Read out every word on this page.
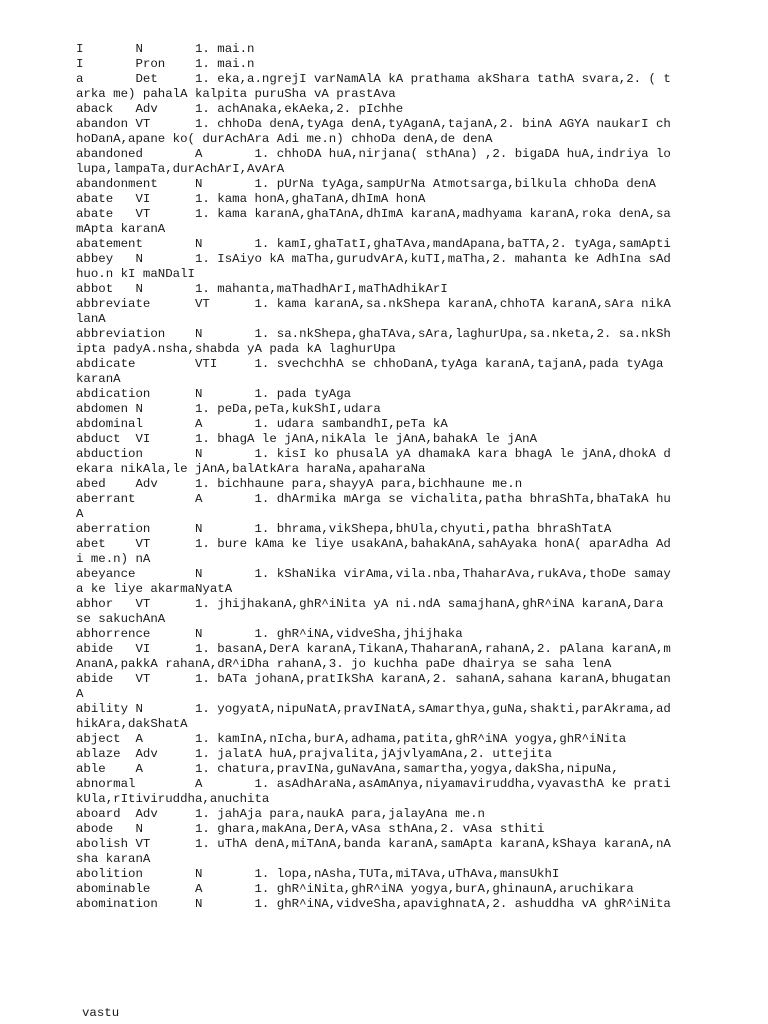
I       N       1. mai.n
I       Pron    1. mai.n
a       Det     1. eka,a.ngrejI varNamAlA kA prathama akShara tathA svara,2. ( t
arka me) pahalA kalpita puruSha vA prastAva
aback   Adv     1. achAnaka,ekAeka,2. pIchhe
abandon VT      1. chhoDa denA,tyAga denA,tyAganA,tajanA,2. binA AGYA naukarI ch
hoDanA,apane ko( durAchAra Adi me.n) chhoDa denA,de denA
abandoned       A       1. chhoDA huA,nirjana( sthAna) ,2. bigaDA huA,indriya lo
lupa,lampaTa,durAchArI,AvArA
abandonment     N       1. pUrNa tyAga,sampUrNa Atmotsarga,bilkula chhoDa denA
abate   VI      1. kama honA,ghaTanA,dhImA honA
abate   VT      1. kama karanA,ghaTAnA,dhImA karanA,madhyama karanA,roka denA,sa
mApta karanA
abatement       N       1. kamI,ghaTatI,ghaTAva,mandApana,baTTA,2. tyAga,samApti
abbey   N       1. IsAiyo kA maTha,gurudvArA,kuTI,maTha,2. mahanta ke AdhIna sAd
huo.n kI maNDalI
abbot   N       1. mahanta,maThadhArI,maThAdhikArI
abbreviate      VT      1. kama karanA,sa.nkShepa karanA,chhoTA karanA,sAra nikA
lanA
abbreviation    N       1. sa.nkShepa,ghaTAva,sAra,laghurUpa,sa.nketa,2. sa.nkSh
ipta padyA.nsha,shabda yA pada kA laghurUpa
abdicate        VTI     1. svechchhA se chhoDanA,tyAga karanA,tajanA,pada tyAga
karanA
abdication      N       1. pada tyAga
abdomen N       1. peDa,peTa,kukShI,udara
abdominal       A       1. udara sambandhI,peTa kA
abduct  VI      1. bhagA le jAnA,nikAla le jAnA,bahakA le jAnA
abduction       N       1. kisI ko phusalA yA dhamakA kara bhagA le jAnA,dhokA d
ekara nikAla,le jAnA,balAtkAra haraNa,apaharaNa
abed    Adv     1. bichhaune para,shayyA para,bichhaune me.n
aberrant        A       1. dhArmika mArga se vichalita,patha bhraShTa,bhaTakA hu
A
aberration      N       1. bhrama,vikShepa,bhUla,chyuti,patha bhraShTatA
abet    VT      1. bure kAma ke liye usakAnA,bahakAnA,sahAyaka honA( aparAdha Ad
i me.n) nA
abeyance        N       1. kShaNika virAma,vila.nba,ThaharAva,rukAva,thoDe samay
a ke liye akarmaNyatA
abhor   VT      1. jhijhakanA,ghR^iNita yA ni.ndA samajhanA,ghR^iNA karanA,Dara
se sakuchAnA
abhorrence      N       1. ghR^iNA,vidveSha,jhijhaka
abide   VI      1. basanA,DerA karanA,TikanA,ThaharanA,rahanA,2. pAlana karanA,m
AnanA,pakkA rahanA,dR^iDha rahanA,3. jo kuchha paDe dhairya se saha lenA
abide   VT      1. bATa johanA,pratIkShA karanA,2. sahanA,sahana karanA,bhugatan
A
ability N       1. yogyatA,nipuNatA,pravINatA,sAmarthya,guNa,shakti,parAkrama,ad
hikAra,dakShatA
abject  A       1. kamInA,nIcha,burA,adhama,patita,ghR^iNA yogya,ghR^iNita
ablaze  Adv     1. jalatA huA,prajvalita,jAjvlyamAna,2. uttejita
able    A       1. chatura,pravINa,guNavAna,samartha,yogya,dakSha,nipuNa,
abnormal        A       1. asAdhAraNa,asAmAnya,niyamaviruddha,vyavasthA ke prati
kUla,rItiviruddha,anuchita
aboard  Adv     1. jahAja para,naukA para,jalayAna me.n
abode   N       1. ghara,makAna,DerA,vAsa sthAna,2. vAsa sthiti
abolish VT      1. uThA denA,miTAnA,banda karanA,samApta karanA,kShaya karanA,nA
sha karanA
abolition       N       1. lopa,nAsha,TUTa,miTAva,uThAva,mansUkhI
abominable      A       1. ghR^iNita,ghR^iNA yogya,burA,ghinaunA,aruchikara
abomination     N       1. ghR^iNA,vidveSha,apavighnatA,2. ashuddha vA ghR^iNita
vastu
